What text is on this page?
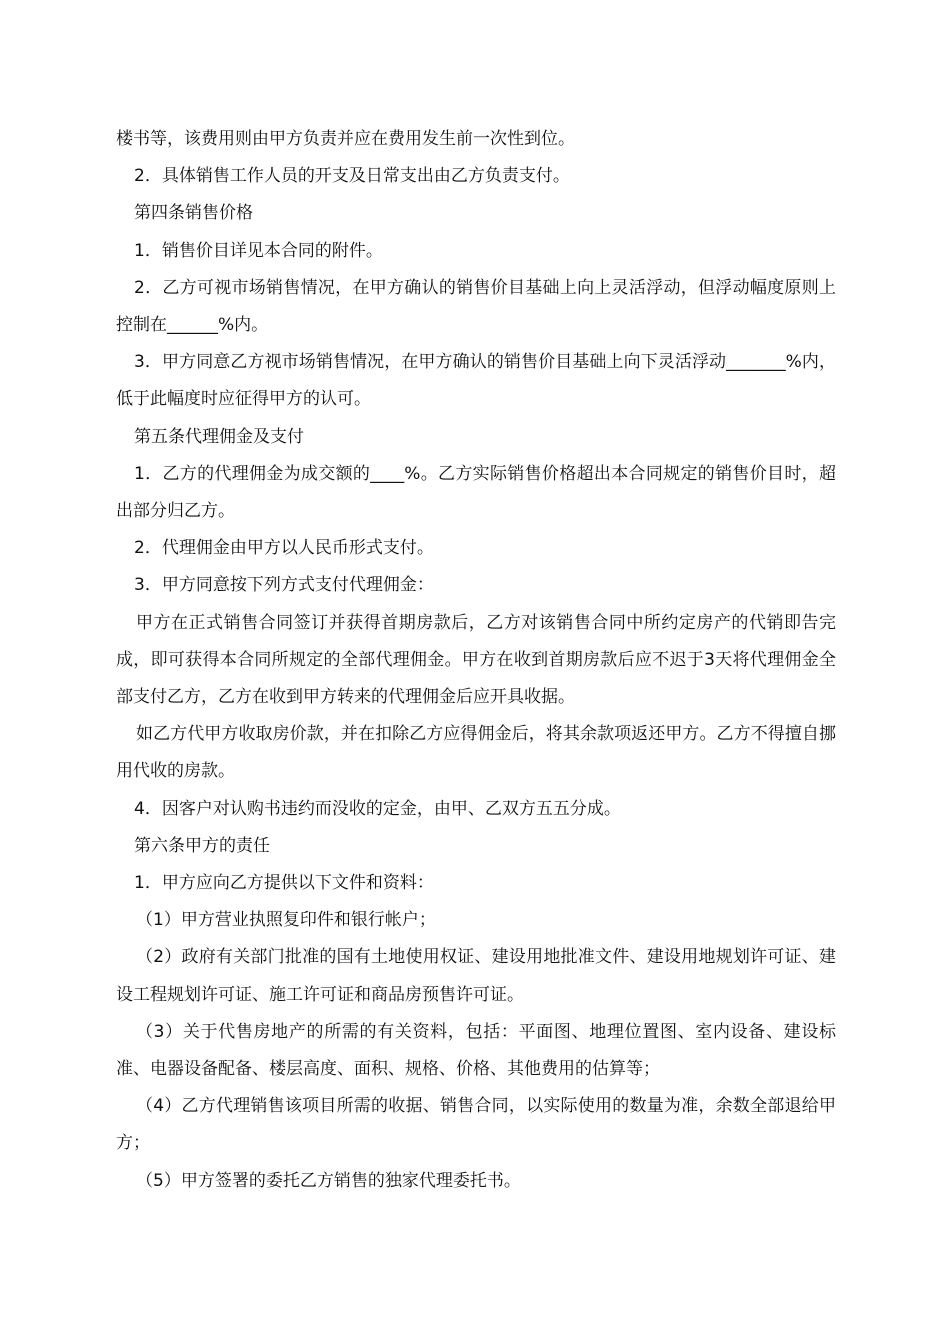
楼书等，该费用则由甲方负责并应在费用发生前一次性到位。

2．具体销售工作人员的开支及日常支出由乙方负责支付。

第四条销售价格

1．销售价目详见本合同的附件。

2．乙方可视市场销售情况，在甲方确认的销售价目基础上向上灵活浮动，但浮动幅度原则上控制在______%内。

3．甲方同意乙方视市场销售情况，在甲方确认的销售价目基础上向下灵活浮动_______%内，低于此幅度时应征得甲方的认可。

第五条代理佣金及支付

1．乙方的代理佣金为成交额的____%。乙方实际销售价格超出本合同规定的销售价目时，超出部分归乙方。

2．代理佣金由甲方以人民币形式支付。

3．甲方同意按下列方式支付代理佣金：

甲方在正式销售合同签订并获得首期房款后，乙方对该销售合同中所约定房产的代销即告完成，即可获得本合同所规定的全部代理佣金。甲方在收到首期房款后应不迟于3天将代理佣金全部支付乙方，乙方在收到甲方转来的代理佣金后应开具收据。

如乙方代甲方收取房价款，并在扣除乙方应得佣金后，将其余款项返还甲方。乙方不得擅自挪用代收的房款。

4．因客户对认购书违约而没收的定金，由甲、乙双方五五分成。

第六条甲方的责任

1．甲方应向乙方提供以下文件和资料：

（1）甲方营业执照复印件和银行帐户；

（2）政府有关部门批准的国有土地使用权证、建设用地批准文件、建设用地规划许可证、建设工程规划许可证、施工许可证和商品房预售许可证。

（3）关于代售房地产的所需的有关资料，包括：平面图、地理位置图、室内设备、建设标准、电器设备配备、楼层高度、面积、规格、价格、其他费用的估算等；

（4）乙方代理销售该项目所需的收据、销售合同，以实际使用的数量为准，余数全部退给甲方；

（5）甲方签署的委托乙方销售的独家代理委托书。
